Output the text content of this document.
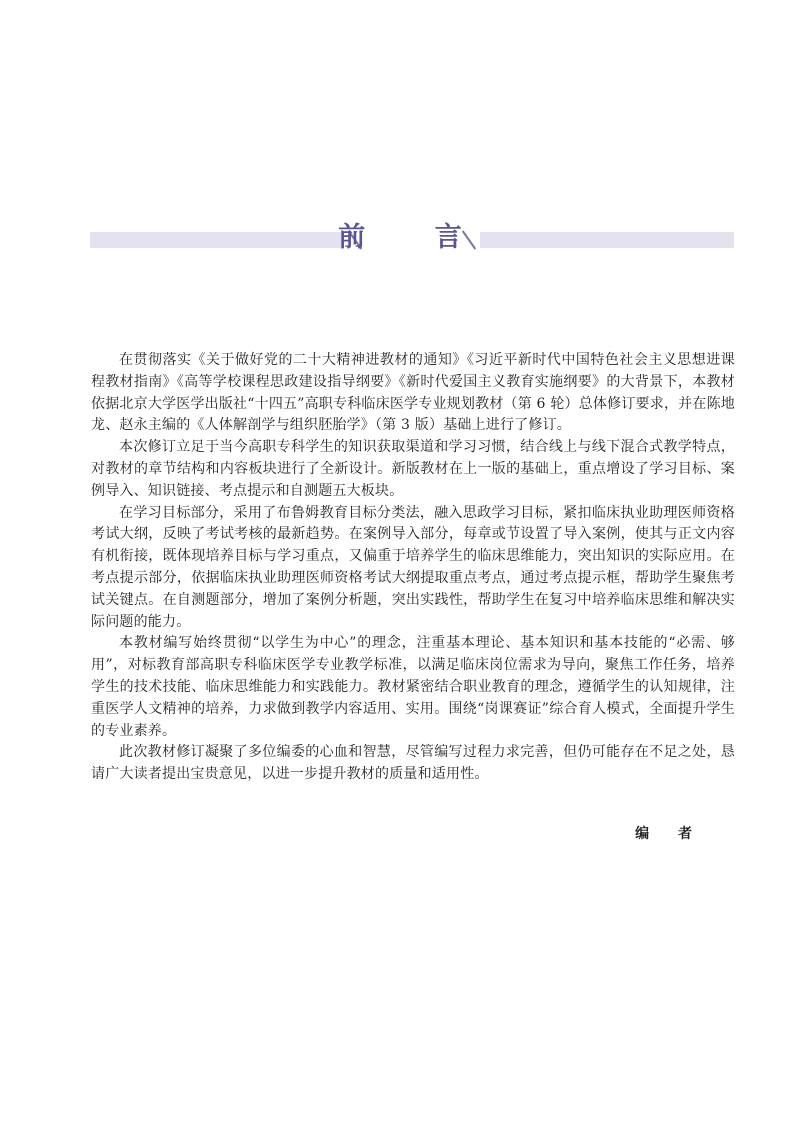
前 言

在贯彻落实《关于做好党的二十大精神进教材的通知》《习近平新时代中国特色社会主义思想进课程教材指南》《高等学校课程思政建设指导纲要》《新时代爱国主义教育实施纲要》的大背景下，本教材依据北京大学医学出版社“十四五”高职专科临床医学专业规划教材（第 6 轮）总体修订要求，并在陈地龙、赵永主编的《人体解剖学与组织胚胎学》（第 3 版）基础上进行了修订。

本次修订立足于当今高职专科学生的知识获取渠道和学习习惯，结合线上与线下混合式教学特点，对教材的章节结构和内容板块进行了全新设计。新版教材在上一版的基础上，重点增设了学习目标、案例导入、知识链接、考点提示和自测题五大板块。

在学习目标部分，采用了布鲁姆教育目标分类法，融入思政学习目标，紧扣临床执业助理医师资格考试大纲，反映了考试考核的最新趋势。在案例导入部分，每章或节设置了导入案例，使其与正文内容有机衔接，既体现培养目标与学习重点，又偏重于培养学生的临床思维能力，突出知识的实际应用。在考点提示部分，依据临床执业助理医师资格考试大纲提取重点考点，通过考点提示框，帮助学生聚焦考试关键点。在自测题部分，增加了案例分析题，突出实践性，帮助学生在复习中培养临床思维和解决实际问题的能力。

本教材编写始终贯彻“以学生为中心”的理念，注重基本理论、基本知识和基本技能的“必需、够用”，对标教育部高职专科临床医学专业教学标准，以满足临床岗位需求为导向，聚焦工作任务，培养学生的技术技能、临床思维能力和实践能力。教材紧密结合职业教育的理念，遵循学生的认知规律，注重医学人文精神的培养，力求做到教学内容适用、实用。围绕“岗课赛证”综合育人模式，全面提升学生的专业素养。

此次教材修订凝聚了多位编委的心血和智慧，尽管编写过程力求完善，但仍可能存在不足之处，恳请广大读者提出宝贵意见，以进一步提升教材的质量和适用性。

编 者
